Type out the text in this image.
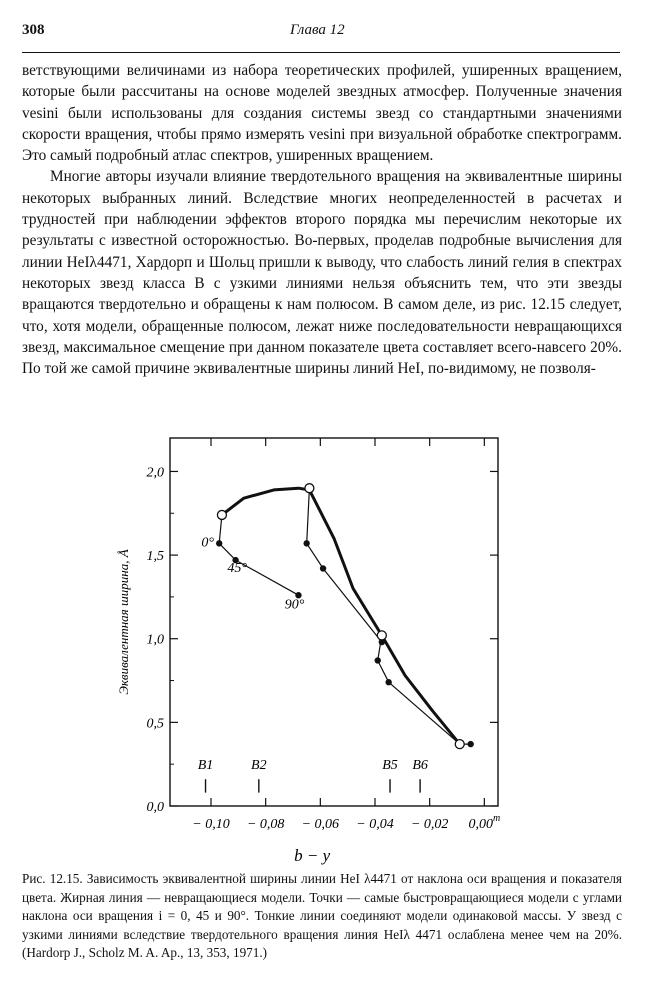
308	Глава 12

ветствующими величинами из набора теоретических профилей, уширенных вращением, которые были рассчитаны на основе моделей звездных атмосфер. Полученные значения vesini были использованы для создания системы звезд со стандартными значениями скорости вращения, чтобы прямо измерять vesini при визуальной обработке спектрограмм. Это самый подробный атлас спектров, уширенных вращением.

Многие авторы изучали влияние твердотельного вращения на эквивалентные ширины некоторых выбранных линий. Вследствие многих неопределенностей в расчетах и трудностей при наблюдении эффектов второго порядка мы перечислим некоторые их результаты с известной осторожностью. Во-первых, проделав подробные вычисления для линии HeIλ4471, Хардорп и Шольц пришли к выводу, что слабость линий гелия в спектрах некоторых звезд класса B с узкими линиями нельзя объяснить тем, что эти звезды вращаются твердотельно и обращены к нам полюсом. В самом деле, из рис. 12.15 следует, что, хотя модели, обращенные полюсом, лежат ниже последовательности невращающихся звезд, максимальное смещение при данном показателе цвета составляет всего-навсего 20%. По той же самой причине эквивалентные ширины линий HeI, по-видимому, не позволя-

0,0
0,5
1,0
1,5
2,0
− 0,10 − 0,08 − 0,06 − 0,04 − 0,02 0,00$^m$
0°
45°
90°
B1	B2	B5 B6
b − y
Эквивалентная ширина, Å

Рис. 12.15. Зависимость эквивалентной ширины линии HeI λ4471 от наклона оси вращения и показателя цвета. Жирная линия — невращающиеся модели. Точки — самые быстровращающиеся модели с углами наклона оси вращения i = 0, 45 и 90°. Тонкие линии соединяют модели одинаковой массы. У звезд с узкими линиями вследствие твердотельного вращения линия HeIλ 4471 ослаблена менее чем на 20%. (Hardorp J., Scholz M. A. Ap., 13, 353, 1971.)
